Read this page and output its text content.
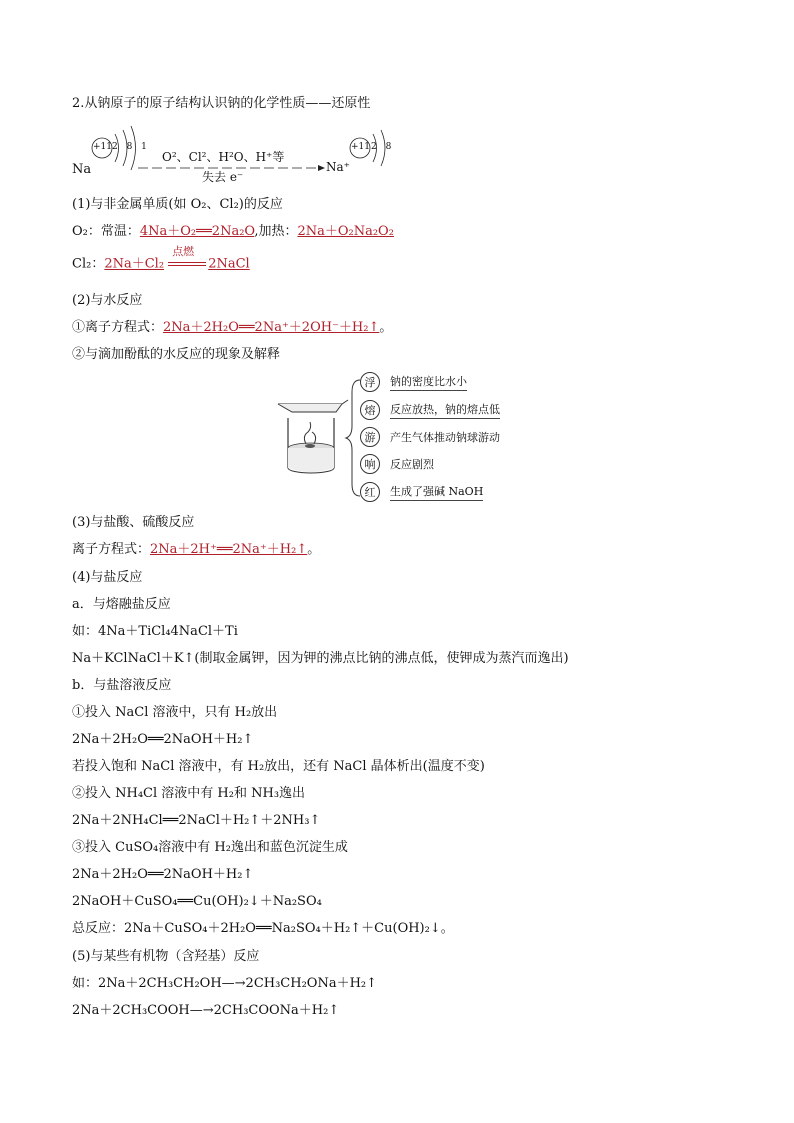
2.从钠原子的原子结构认识钠的化学性质——还原性
+11 2 8 1
Na
O²、Cl²、H²O、H⁺等
失去 e⁻
Na⁺
+11 2 8
(1)与非金属单质(如 O₂、Cl₂)的反应
O₂：常温：4Na＋O₂══2Na₂O,加热：2Na＋O₂Na₂O₂
Cl₂：2Na＋Cl₂
点燃
2NaCl
(2)与水反应
①离子方程式：2Na＋2H₂O══2Na⁺＋2OH⁻＋H₂↑。
②与滴加酚酞的水反应的现象及解释
浮	钠的密度比水小
熔	反应放热，钠的熔点低
游	产生气体推动钠球游动
响	反应剧烈
红	生成了强碱 NaOH
(3)与盐酸、硫酸反应
离子方程式：2Na＋2H⁺══2Na⁺＋H₂↑。
(4)与盐反应
a．与熔融盐反应
如：4Na＋TiCl₄4NaCl＋Ti
Na＋KClNaCl＋K↑(制取金属钾，因为钾的沸点比钠的沸点低，使钾成为蒸汽而逸出)
b．与盐溶液反应
①投入 NaCl 溶液中，只有 H₂放出
2Na＋2H₂O══2NaOH＋H₂↑
若投入饱和 NaCl 溶液中，有 H₂放出，还有 NaCl 晶体析出(温度不变)
②投入 NH₄Cl 溶液中有 H₂和 NH₃逸出
2Na＋2NH₄Cl══2NaCl＋H₂↑＋2NH₃↑
③投入 CuSO₄溶液中有 H₂逸出和蓝色沉淀生成
2Na＋2H₂O══2NaOH＋H₂↑
2NaOH＋CuSO₄══Cu(OH)₂↓＋Na₂SO₄
总反应：2Na＋CuSO₄＋2H₂O══Na₂SO₄＋H₂↑＋Cu(OH)₂↓。
(5)与某些有机物（含羟基）反应
如：2Na＋2CH₃CH₂OH—→2CH₃CH₂ONa＋H₂↑
2Na＋2CH₃COOH—→2CH₃COONa＋H₂↑
